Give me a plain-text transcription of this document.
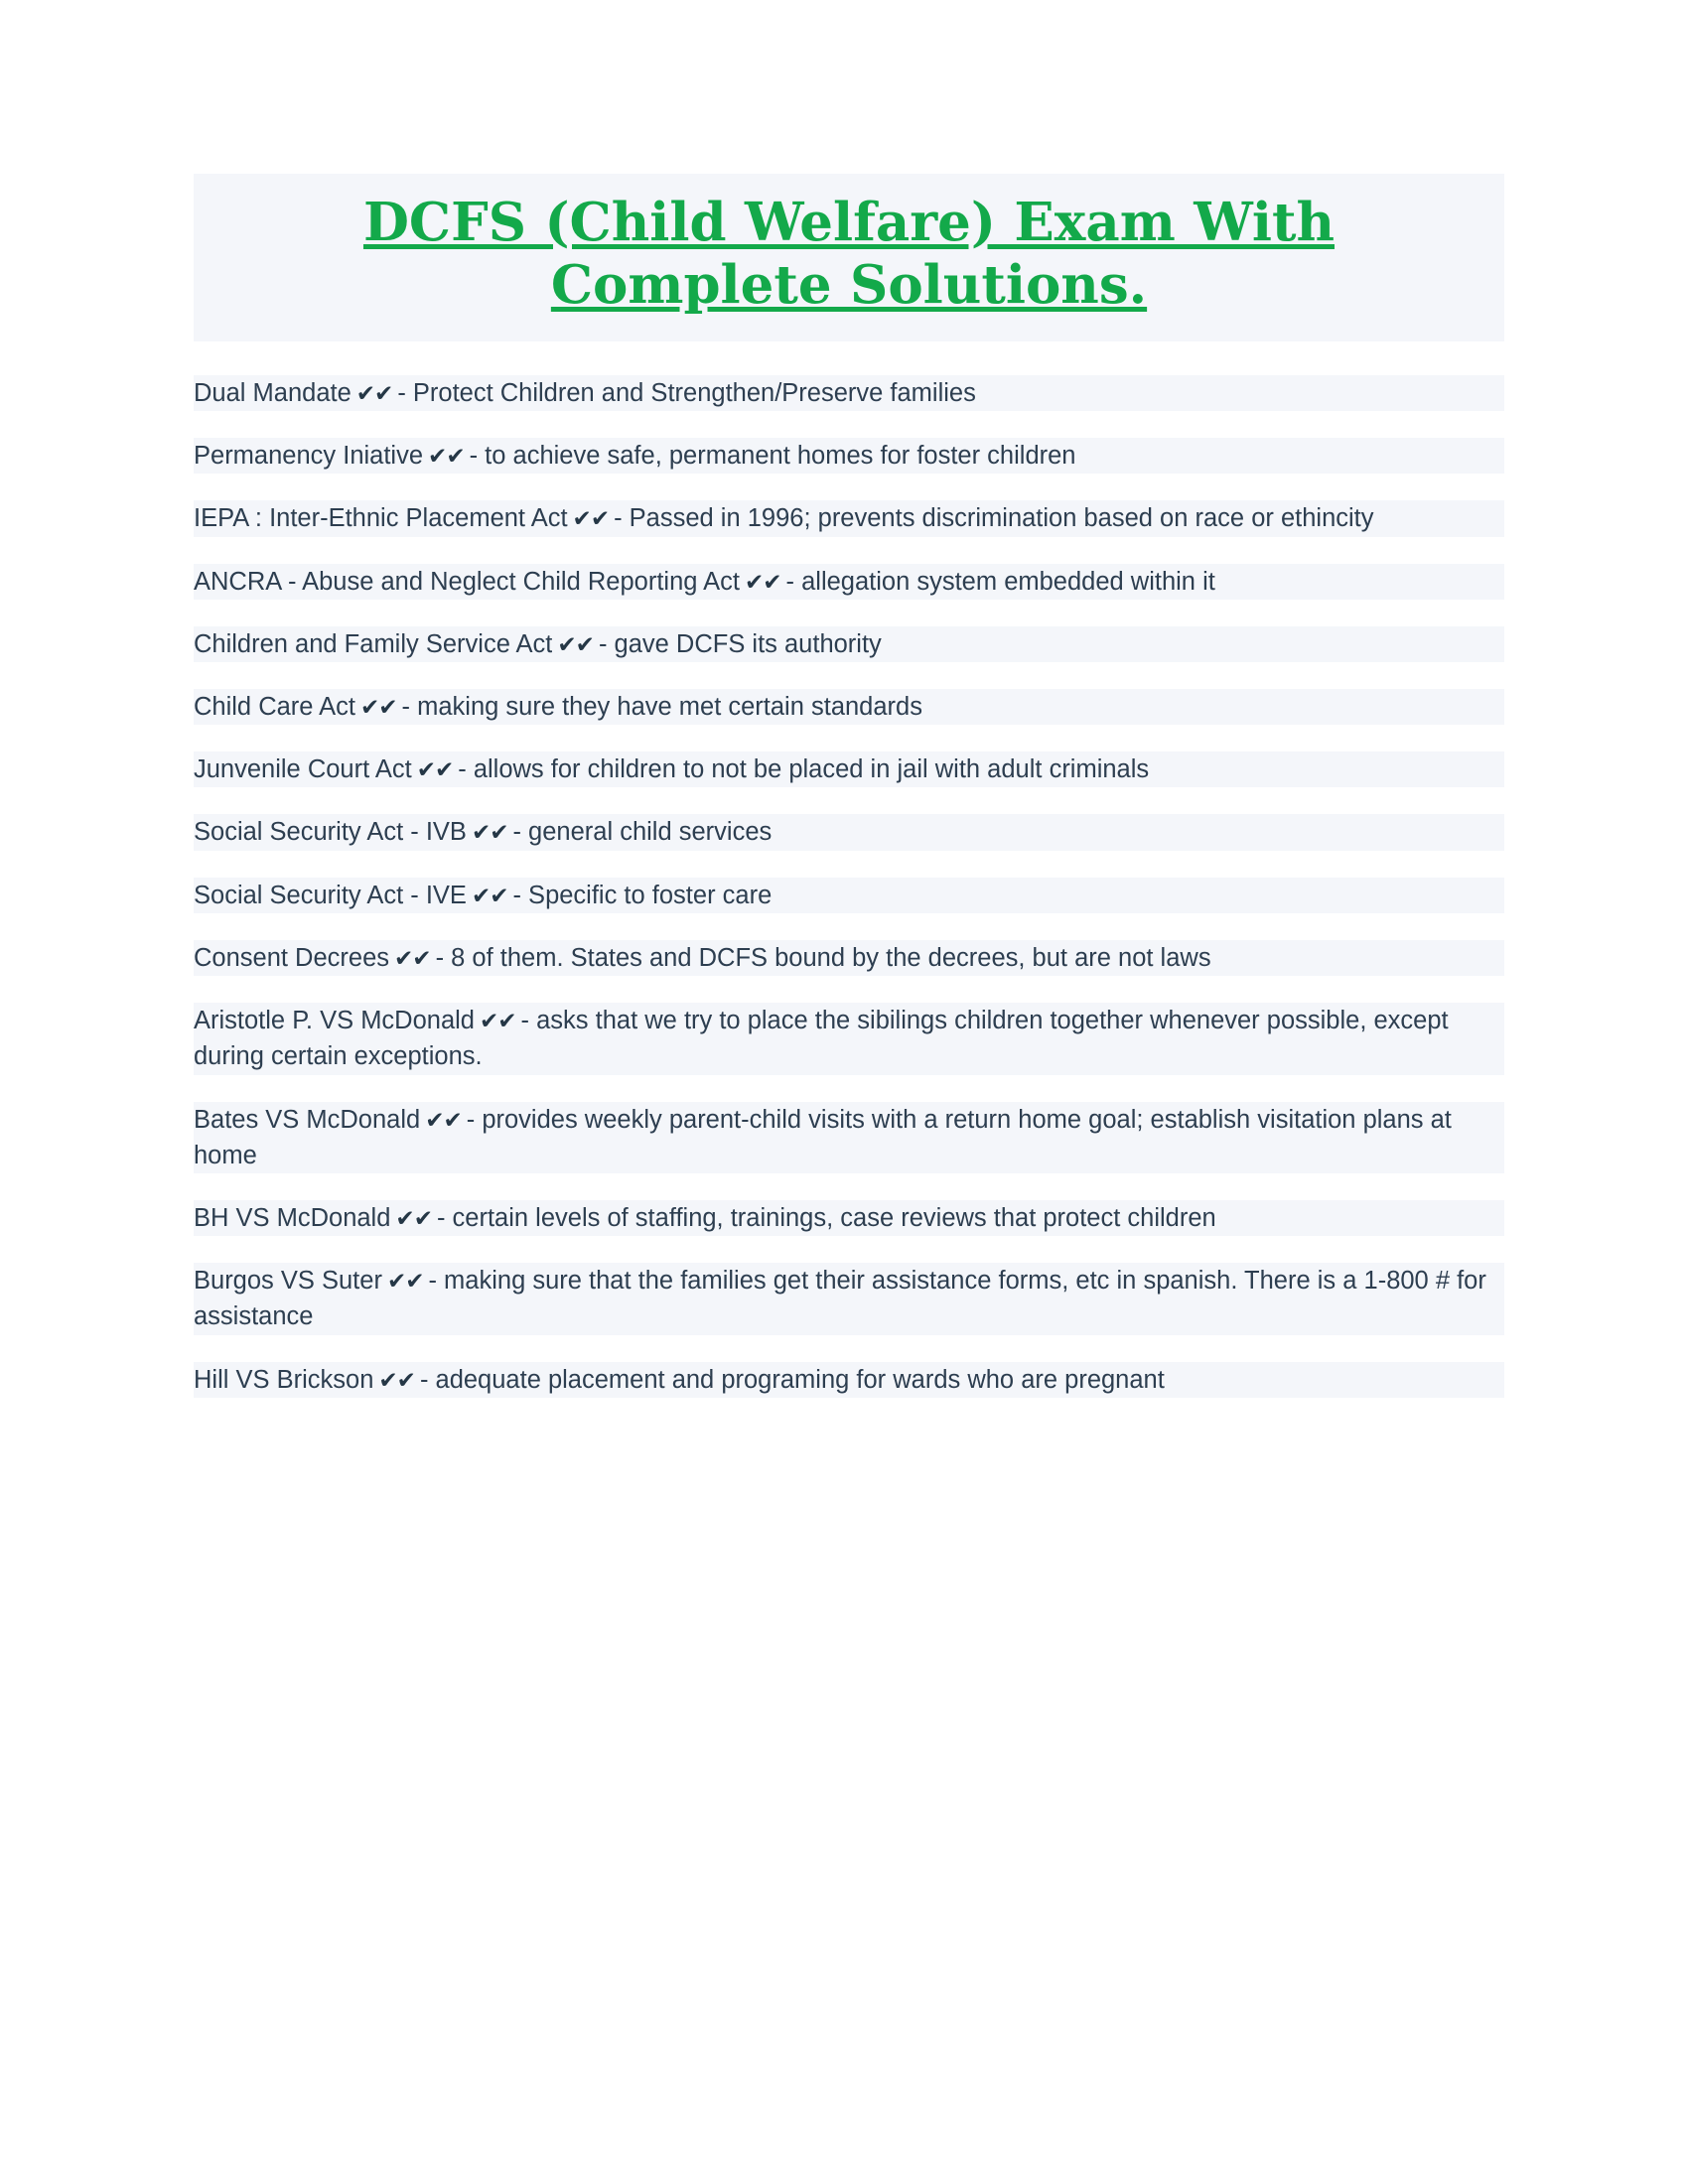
DCFS (Child Welfare) Exam With Complete Solutions.
Dual Mandate ✔✔ - Protect Children and Strengthen/Preserve families
Permanency Iniative ✔✔ - to achieve safe, permanent homes for foster children
IEPA : Inter-Ethnic Placement Act ✔✔ - Passed in 1996; prevents discrimination based on race or ethincity
ANCRA - Abuse and Neglect Child Reporting Act ✔✔ - allegation system embedded within it
Children and Family Service Act ✔✔ - gave DCFS its authority
Child Care Act ✔✔ - making sure they have met certain standards
Junvenile Court Act ✔✔ - allows for children to not be placed in jail with adult criminals
Social Security Act - IVB ✔✔ - general child services
Social Security Act - IVE ✔✔ - Specific to foster care
Consent Decrees ✔✔ - 8 of them. States and DCFS bound by the decrees, but are not laws
Aristotle P. VS McDonald ✔✔ - asks that we try to place the sibilings children together whenever possible, except during certain exceptions.
Bates VS McDonald ✔✔ - provides weekly parent-child visits with a return home goal; establish visitation plans at home
BH VS McDonald ✔✔ - certain levels of staffing, trainings, case reviews that protect children
Burgos VS Suter ✔✔ - making sure that the families get their assistance forms, etc in spanish. There is a 1-800 # for assistance
Hill VS Brickson ✔✔ - adequate placement and programing for wards who are pregnant
